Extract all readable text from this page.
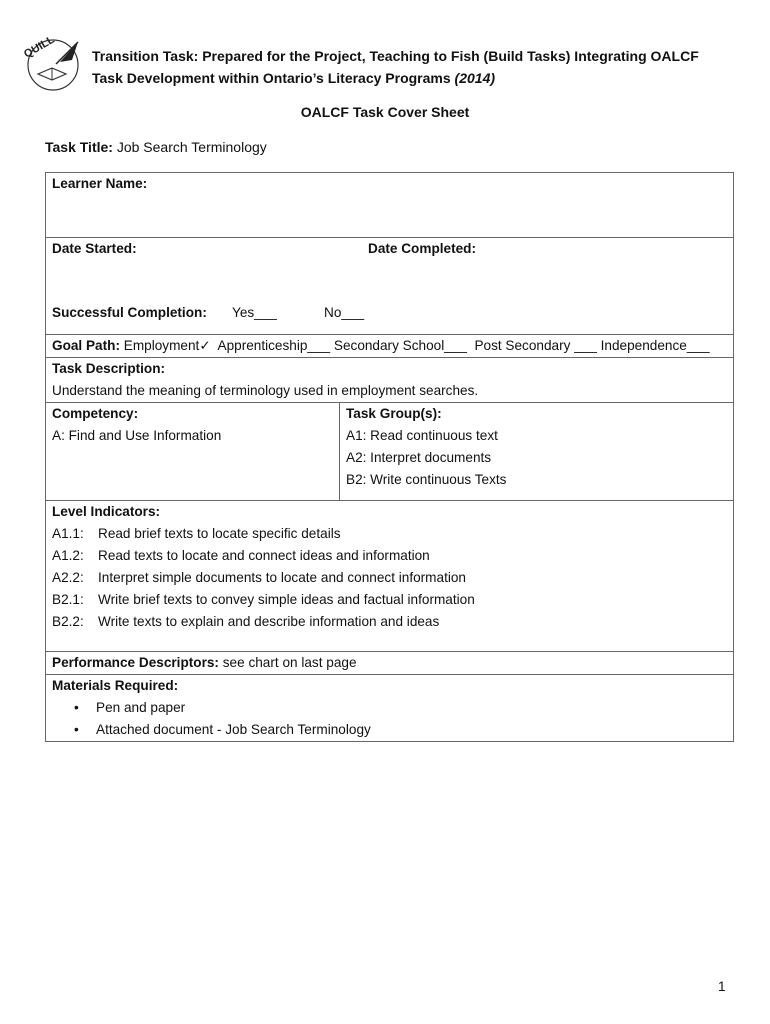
QUILL	Transition Task: Prepared for the Project, Teaching to Fish (Build Tasks) Integrating OALCF Task Development within Ontario’s Literacy Programs (2014)
OALCF Task Cover Sheet
Task Title: Job Search Terminology
Learner Name:

Date Started:	Date Completed:
Successful Completion: Yes___	No___

Goal Path: Employment✓  Apprenticeship___ Secondary School___  Post Secondary ___ Independence___

Task Description:
Understand the meaning of terminology used in employment searches.

Competency:
A: Find and Use Information

Task Group(s):
A1: Read continuous text
A2: Interpret documents
B2: Write continuous Texts

Level Indicators:
A1.1: Read brief texts to locate specific details
A1.2: Read texts to locate and connect ideas and information
A2.2: Interpret simple documents to locate and connect information
B2.1: Write brief texts to convey simple ideas and factual information
B2.2: Write texts to explain and describe information and ideas

Performance Descriptors: see chart on last page

Materials Required:
• Pen and paper
• Attached document - Job Search Terminology
1
